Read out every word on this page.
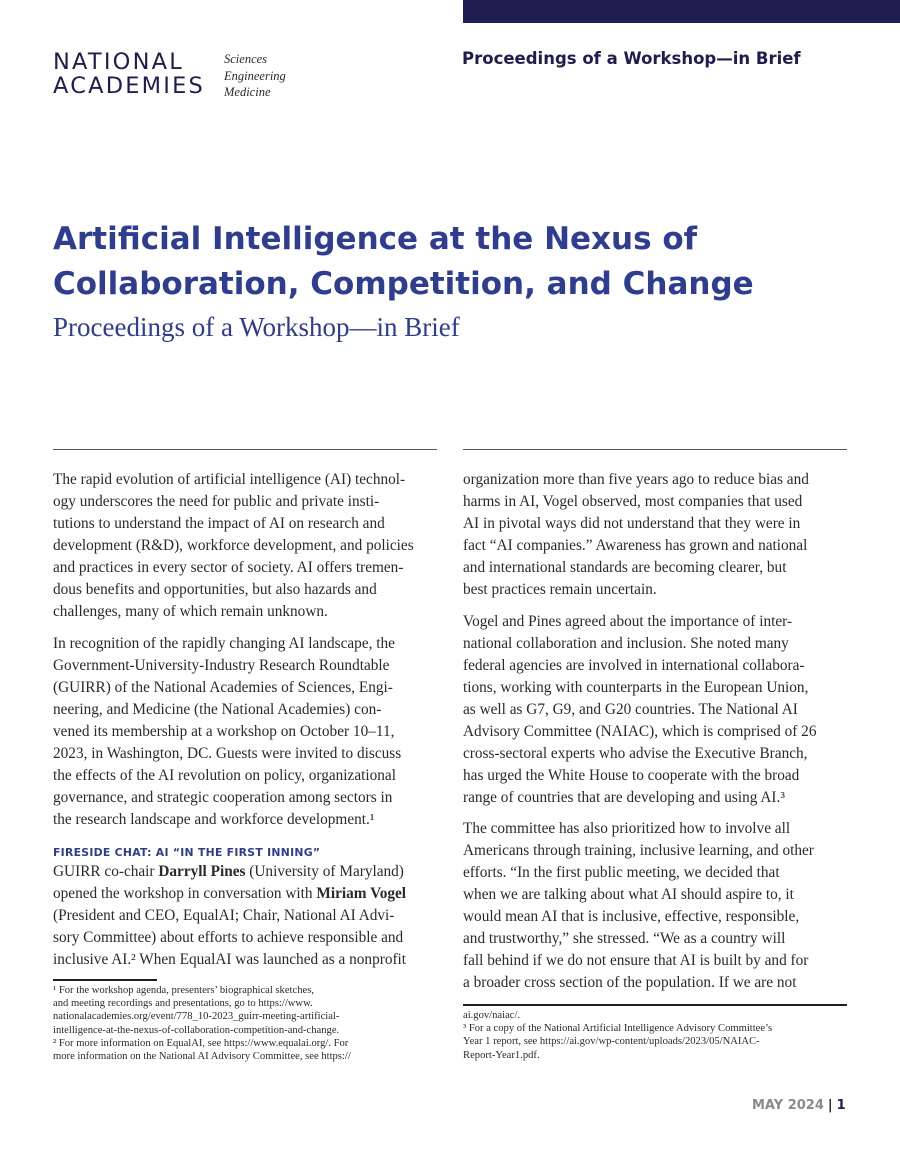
NATIONAL
ACADEMIES
Sciences
Engineering
Medicine
Proceedings of a Workshop—in Brief
Artificial Intelligence at the Nexus of
Collaboration, Competition, and Change
Proceedings of a Workshop—in Brief
The rapid evolution of artificial intelligence (AI) technol-
ogy underscores the need for public and private insti-
tutions to understand the impact of AI on research and
development (R&D), workforce development, and policies
and practices in every sector of society. AI offers tremen-
dous benefits and opportunities, but also hazards and
challenges, many of which remain unknown.
In recognition of the rapidly changing AI landscape, the
Government-University-Industry Research Roundtable
(GUIRR) of the National Academies of Sciences, Engi-
neering, and Medicine (the National Academies) con-
vened its membership at a workshop on October 10–11,
2023, in Washington, DC. Guests were invited to discuss
the effects of the AI revolution on policy, organizational
governance, and strategic cooperation among sectors in
the research landscape and workforce development.¹
FIRESIDE CHAT: AI “IN THE FIRST INNING”
GUIRR co-chair Darryll Pines (University of Maryland)
opened the workshop in conversation with Miriam Vogel
(President and CEO, EqualAI; Chair, National AI Advi-
sory Committee) about efforts to achieve responsible and
inclusive AI.² When EqualAI was launched as a nonprofit
¹ For the workshop agenda, presenters’ biographical sketches,
and meeting recordings and presentations, go to https://www.
nationalacademies.org/event/778_10-2023_guirr-meeting-artificial-
intelligence-at-the-nexus-of-collaboration-competition-and-change.
² For more information on EqualAI, see https://www.equalai.org/. For
more information on the National AI Advisory Committee, see https://
organization more than five years ago to reduce bias and
harms in AI, Vogel observed, most companies that used
AI in pivotal ways did not understand that they were in
fact “AI companies.” Awareness has grown and national
and international standards are becoming clearer, but
best practices remain uncertain.
Vogel and Pines agreed about the importance of inter-
national collaboration and inclusion. She noted many
federal agencies are involved in international collabora-
tions, working with counterparts in the European Union,
as well as G7, G9, and G20 countries. The National AI
Advisory Committee (NAIAC), which is comprised of 26
cross-sectoral experts who advise the Executive Branch,
has urged the White House to cooperate with the broad
range of countries that are developing and using AI.³
The committee has also prioritized how to involve all
Americans through training, inclusive learning, and other
efforts. “In the first public meeting, we decided that
when we are talking about what AI should aspire to, it
would mean AI that is inclusive, effective, responsible,
and trustworthy,” she stressed. “We as a country will
fall behind if we do not ensure that AI is built by and for
a broader cross section of the population. If we are not
ai.gov/naiac/.
³ For a copy of the National Artificial Intelligence Advisory Committee’s
Year 1 report, see https://ai.gov/wp-content/uploads/2023/05/NAIAC-
Report-Year1.pdf.
MAY 2024 | 1
